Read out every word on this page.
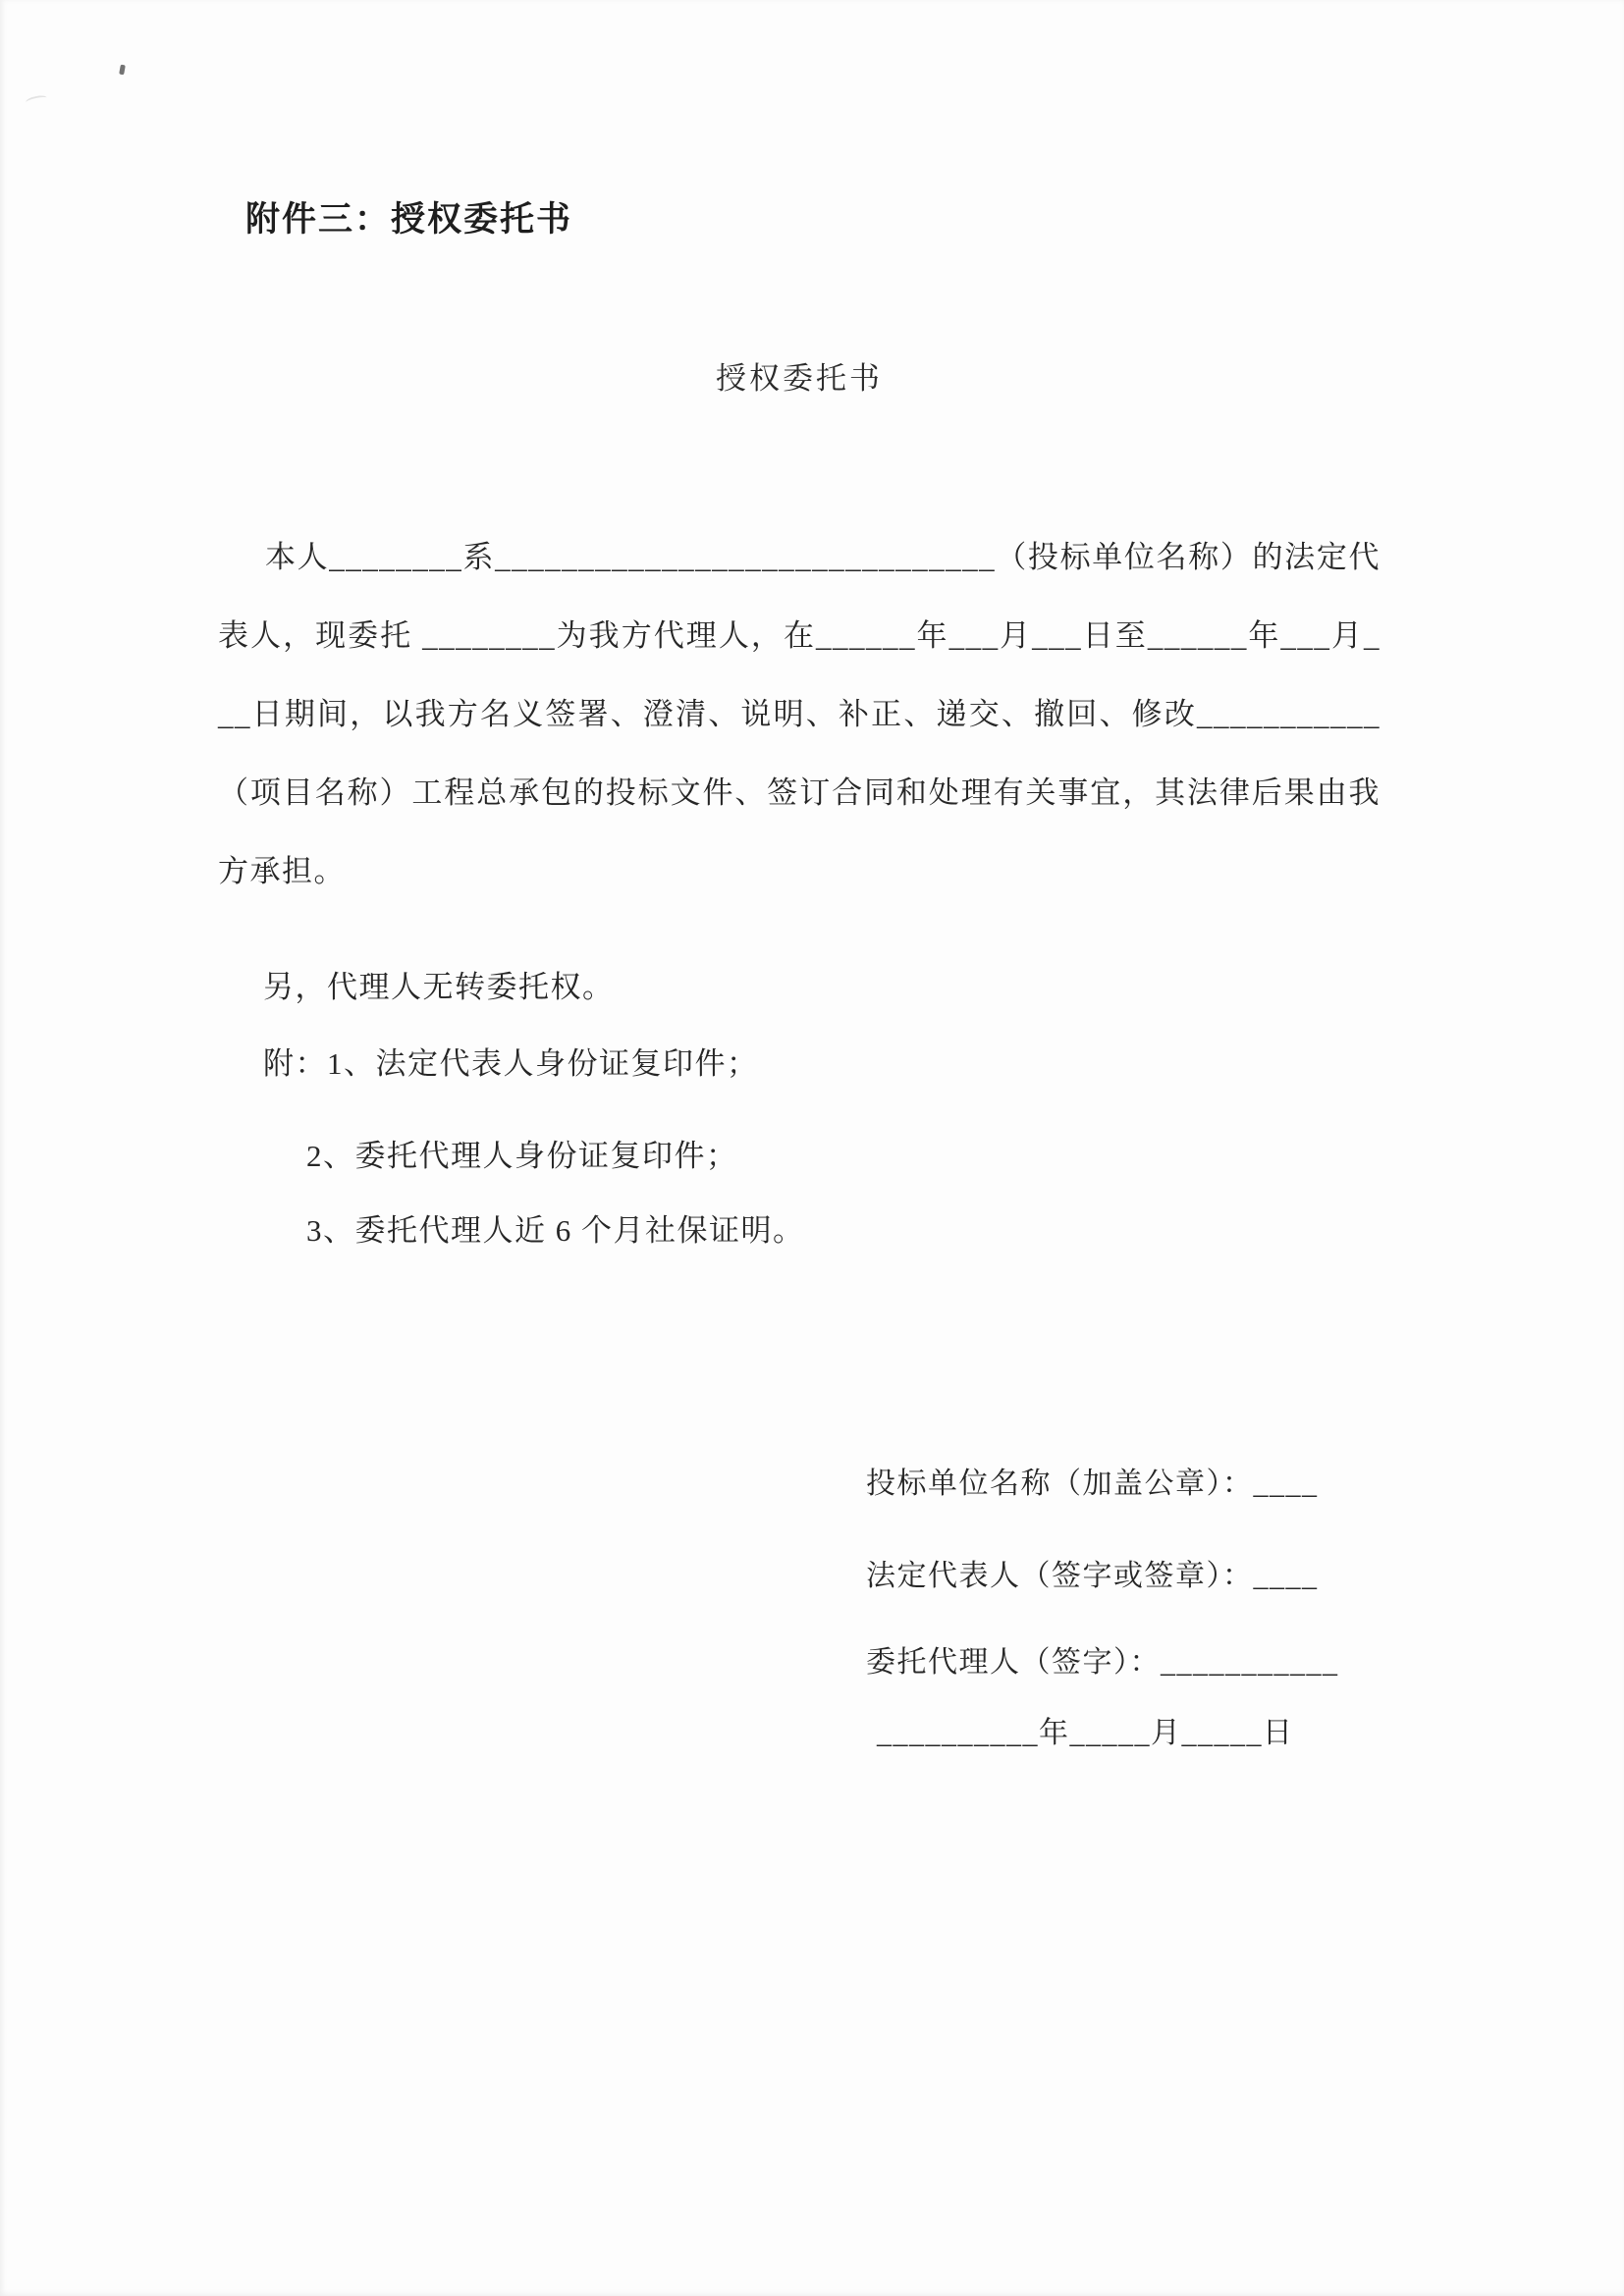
附件三：授权委托书
授权委托书

本人________系______________________________（投标单位名称）的法定代表人，现委托 ________为我方代理人，在______年___月___日至______年___月___日期间，以我方名义签署、澄清、说明、补正、递交、撤回、修改___________（项目名称）工程总承包的投标文件、签订合同和处理有关事宜，其法律后果由我方承担。

另，代理人无转委托权。

附：1、法定代表人身份证复印件；

2、委托代理人身份证复印件；

3、委托代理人近 6 个月社保证明。

投标单位名称（加盖公章）：____

法定代表人（签字或签章）：____

委托代理人（签字）：___________

__________年_____月_____日
